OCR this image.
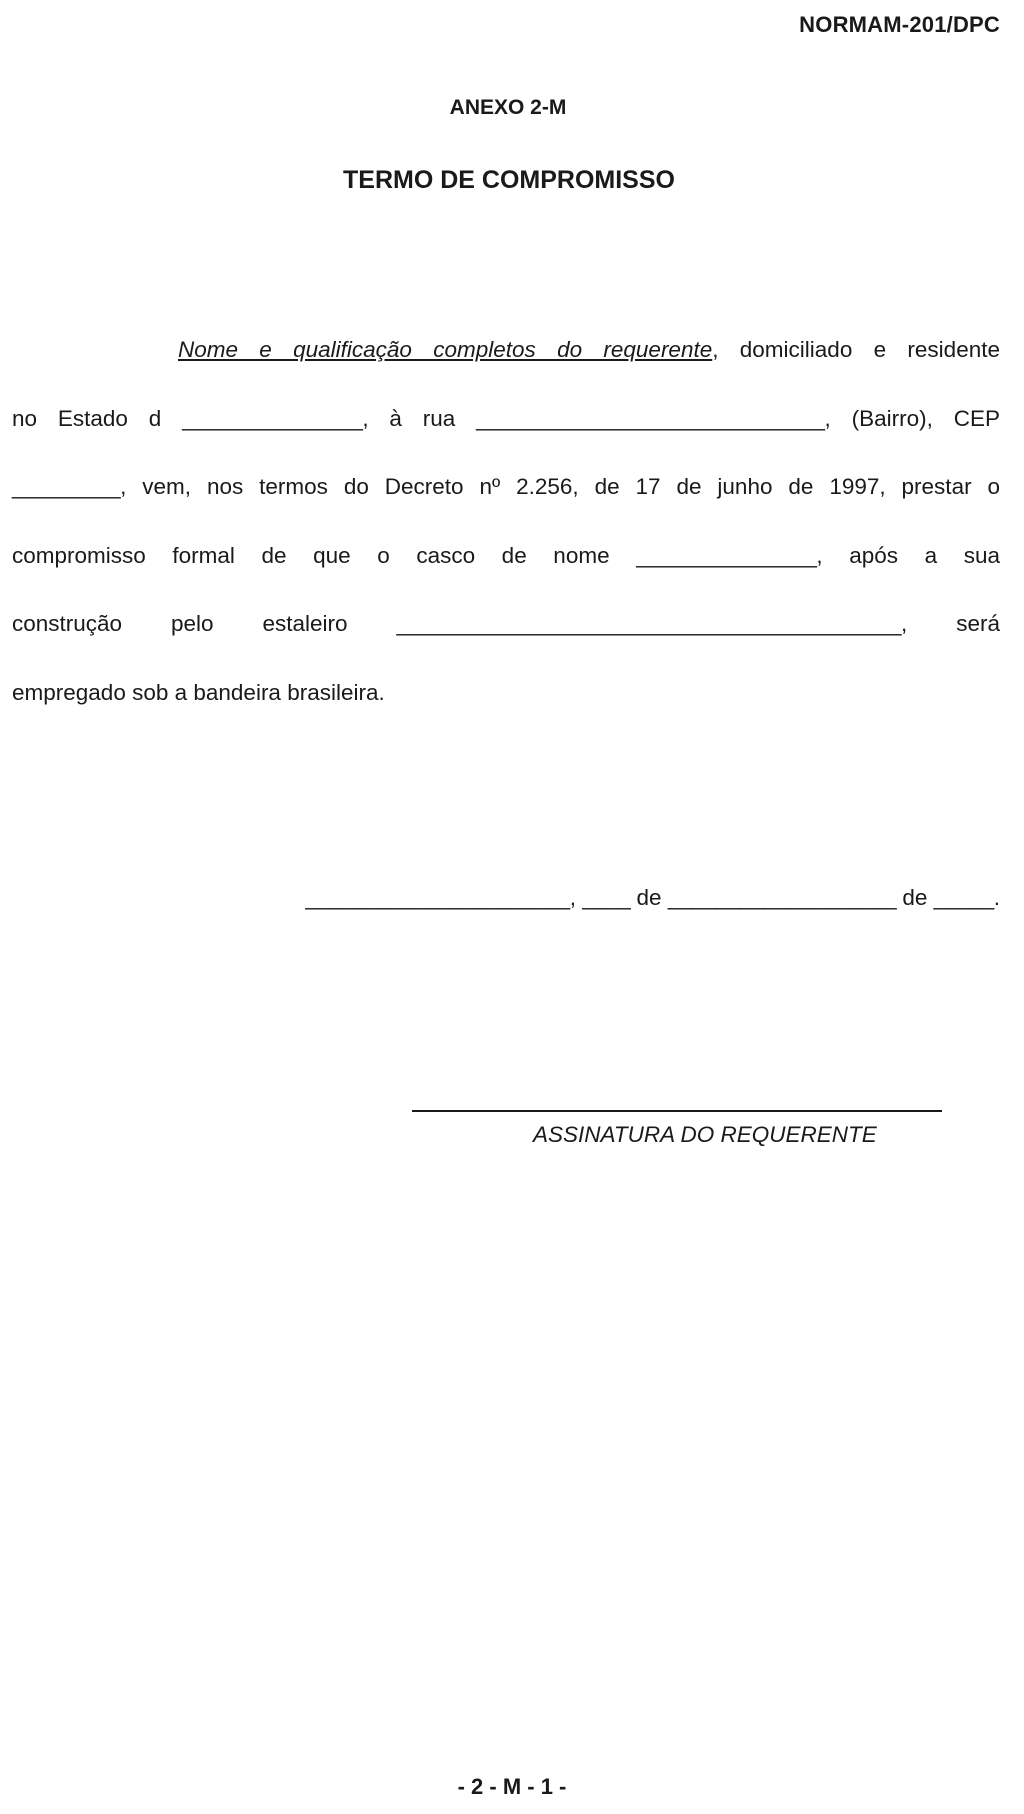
NORMAM-201/DPC
ANEXO 2-M
TERMO DE COMPROMISSO
Nome e qualificação completos do requerente, domiciliado e residente
no Estado d _______________, à rua _____________________________, (Bairro), CEP
_________, vem, nos termos do Decreto nº 2.256, de 17 de junho de 1997, prestar o
compromisso formal de que o casco de nome _______________, após a sua
construção pelo estaleiro __________________________________________, será
empregado sob a bandeira brasileira.
______________________, ____ de ___________________ de _____.
ASSINATURA DO REQUERENTE
- 2 - M - 1 -
